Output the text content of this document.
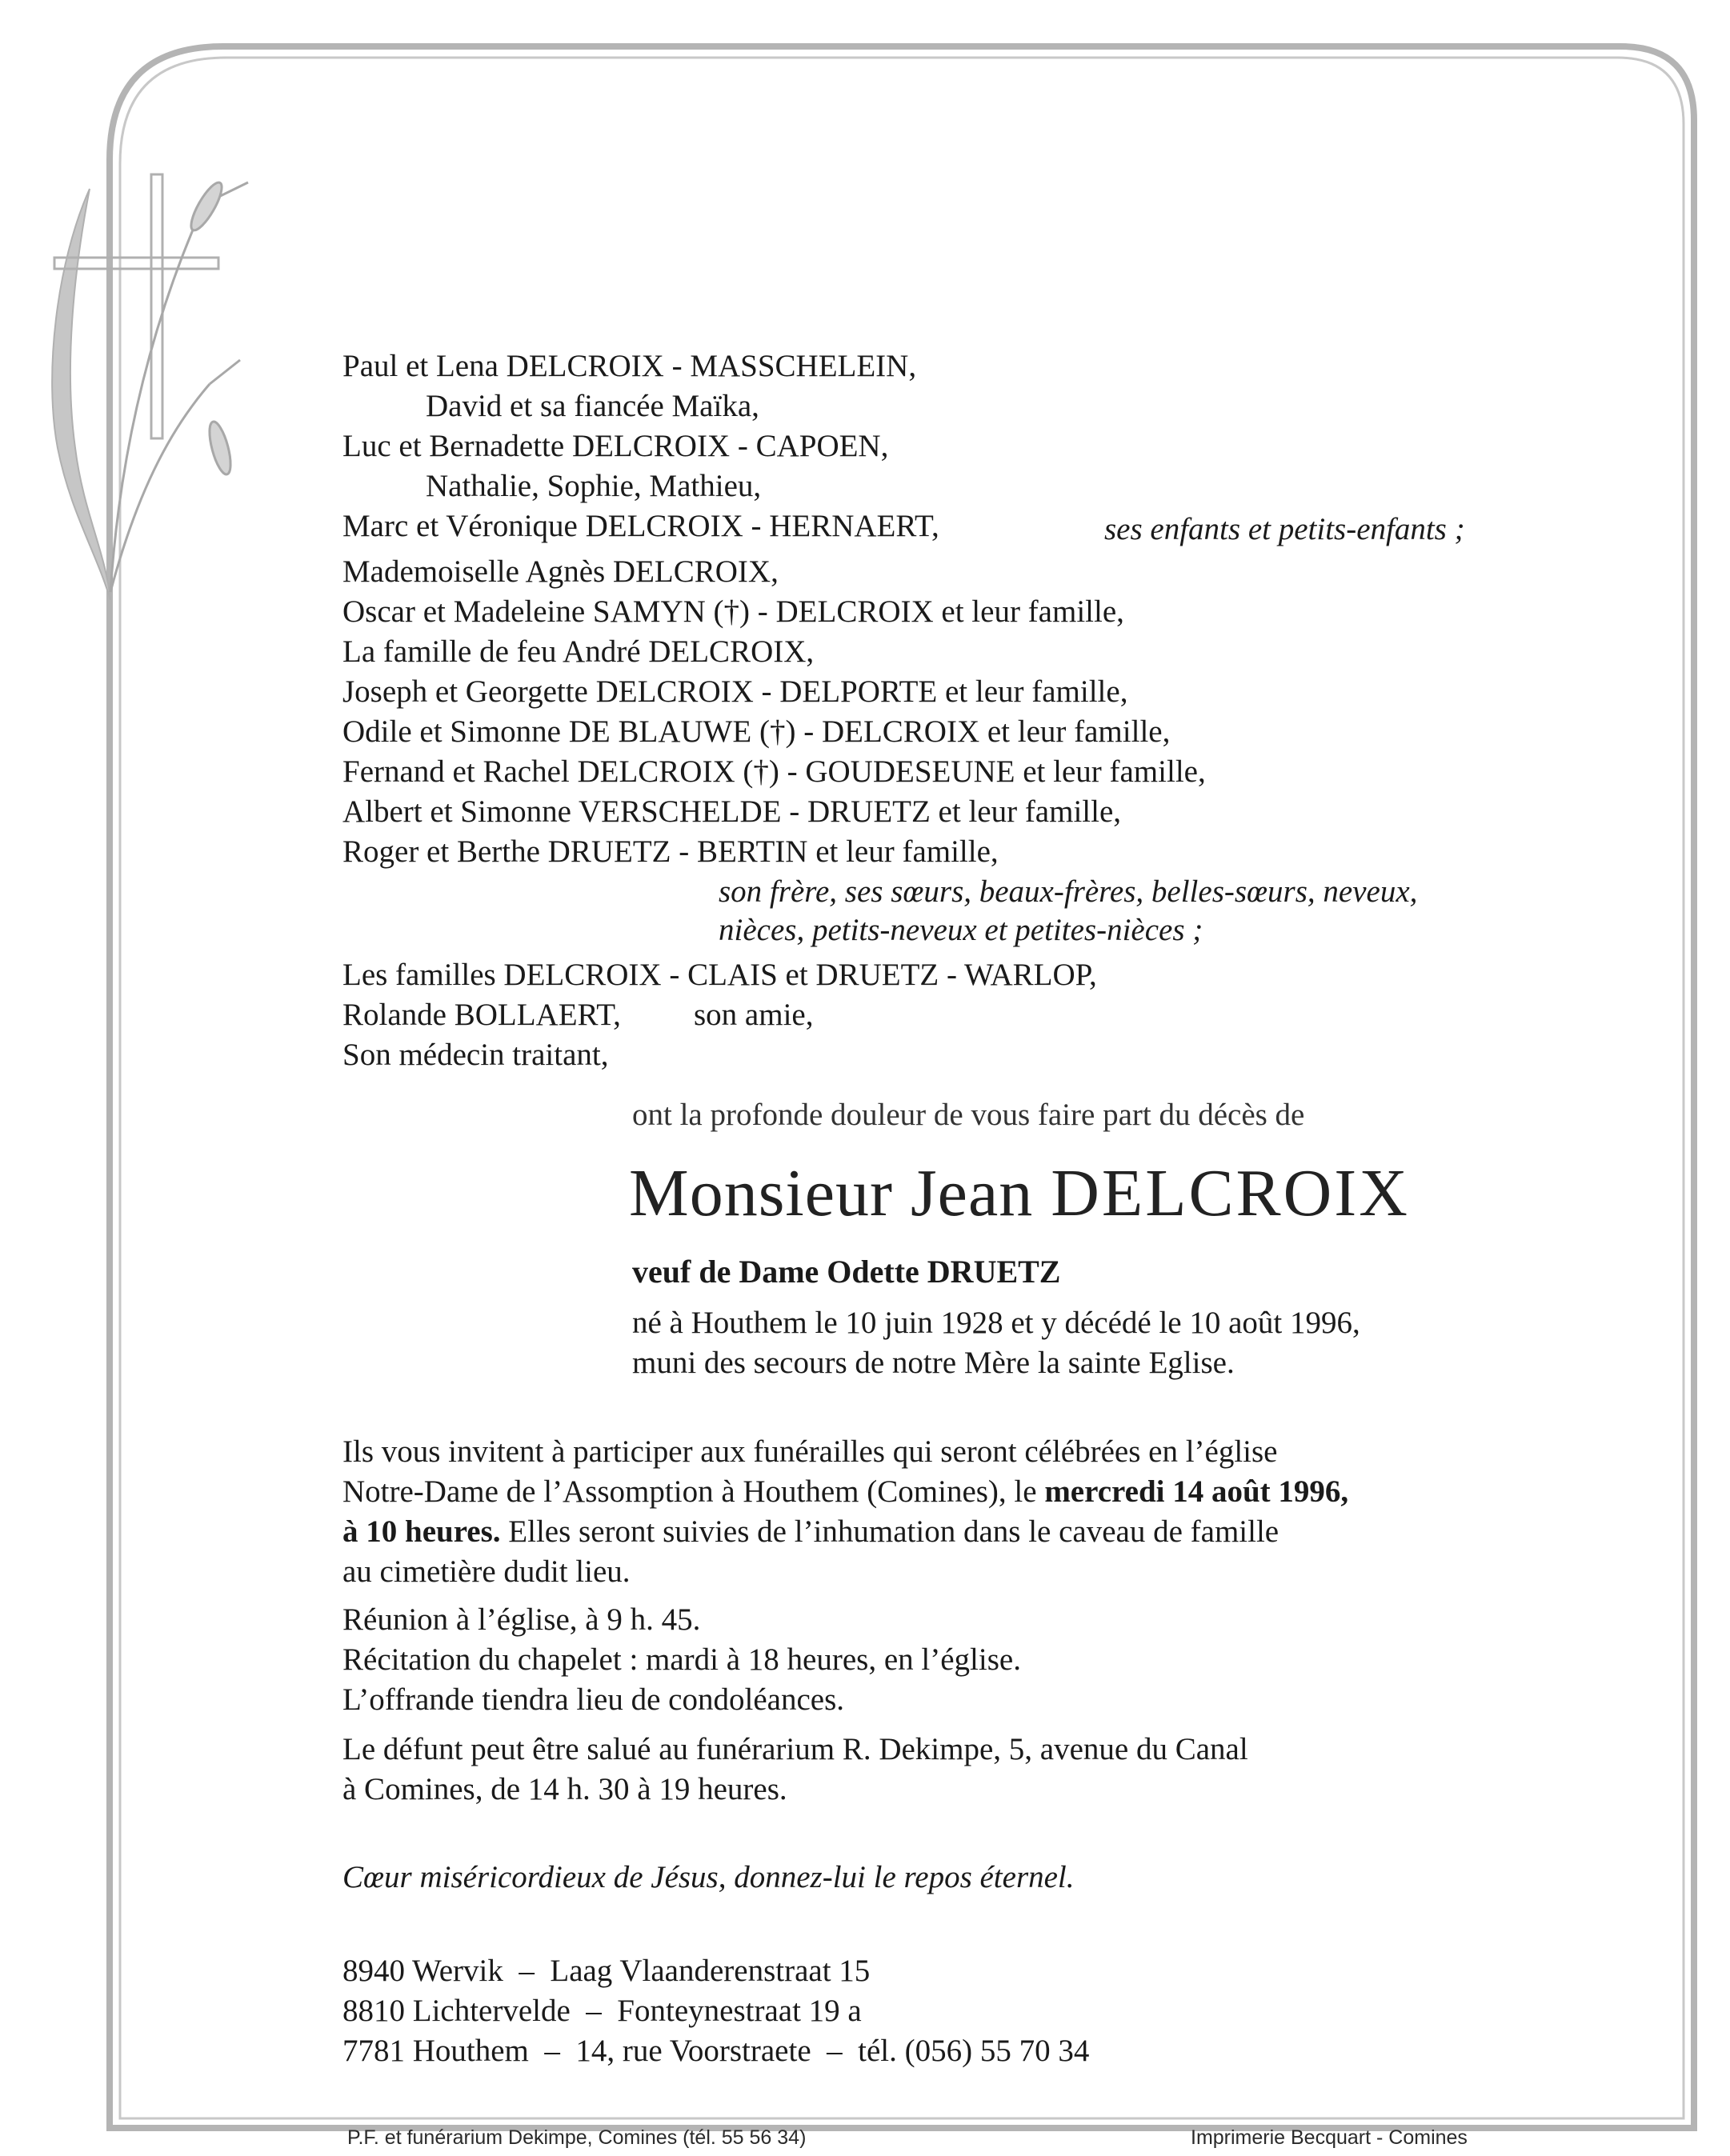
Paul et Lena DELCROIX - MASSCHELEIN,
David et sa fiancée Maïka,
Luc et Bernadette DELCROIX - CAPOEN,
Nathalie, Sophie, Mathieu,
Marc et Véronique DELCROIX - HERNAERT,	ses enfants et petits-enfants ;
Mademoiselle Agnès DELCROIX,
Oscar et Madeleine SAMYN (†) - DELCROIX et leur famille,
La famille de feu André DELCROIX,
Joseph et Georgette DELCROIX - DELPORTE et leur famille,
Odile et Simonne DE BLAUWE (†) - DELCROIX et leur famille,
Fernand et Rachel DELCROIX (†) - GOUDESEUNE et leur famille,
Albert et Simonne VERSCHELDE - DRUETZ et leur famille,
Roger et Berthe DRUETZ - BERTIN et leur famille,
son frère, ses sœurs, beaux-frères, belles-sœurs, neveux,
nièces, petits-neveux et petites-nièces ;
Les familles DELCROIX - CLAIS et DRUETZ - WARLOP,
Rolande BOLLAERT, son amie,
Son médecin traitant,
ont la profonde douleur de vous faire part du décès de
Monsieur Jean DELCROIX
veuf de Dame Odette DRUETZ
né à Houthem le 10 juin 1928 et y décédé le 10 août 1996,
muni des secours de notre Mère la sainte Eglise.
Ils vous invitent à participer aux funérailles qui seront célébrées en l’église
Notre-Dame de l’Assomption à Houthem (Comines), le mercredi 14 août 1996,
à 10 heures. Elles seront suivies de l’inhumation dans le caveau de famille
au cimetière dudit lieu.
Réunion à l’église, à 9 h. 45.
Récitation du chapelet : mardi à 18 heures, en l’église.
L’offrande tiendra lieu de condoléances.
Le défunt peut être salué au funérarium R. Dekimpe, 5, avenue du Canal
à Comines, de 14 h. 30 à 19 heures.
Cœur miséricordieux de Jésus, donnez-lui le repos éternel.
8940 Wervik  –  Laag Vlaanderenstraat 15
8810 Lichtervelde  –  Fonteynestraat 19 a
7781 Houthem  –  14, rue Voorstraete  –  tél. (056) 55 70 34
P.F. et funérarium Dekimpe, Comines (tél. 55 56 34)	Imprimerie Becquart - Comines
